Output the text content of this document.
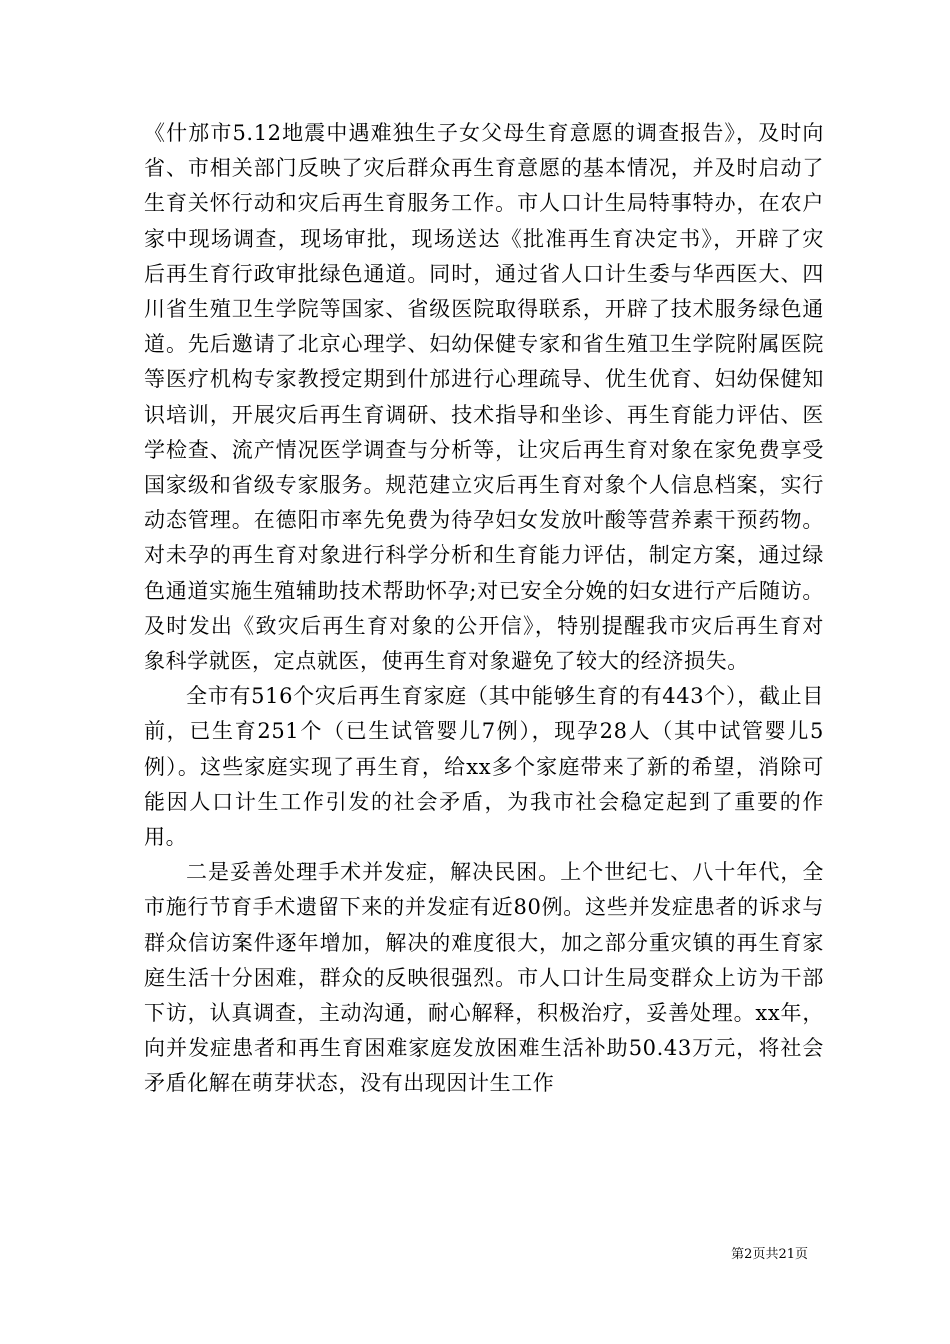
《什邡市5.12地震中遇难独生子女父母生育意愿的调查报告》，及时向省、市相关部门反映了灾后群众再生育意愿的基本情况，并及时启动了生育关怀行动和灾后再生育服务工作。市人口计生局特事特办，在农户家中现场调查，现场审批，现场送达《批准再生育决定书》，开辟了灾后再生育行政审批绿色通道。同时，通过省人口计生委与华西医大、四川省生殖卫生学院等国家、省级医院取得联系，开辟了技术服务绿色通道。先后邀请了北京心理学、妇幼保健专家和省生殖卫生学院附属医院等医疗机构专家教授定期到什邡进行心理疏导、优生优育、妇幼保健知识培训，开展灾后再生育调研、技术指导和坐诊、再生育能力评估、医学检查、流产情况医学调查与分析等，让灾后再生育对象在家免费享受国家级和省级专家服务。规范建立灾后再生育对象个人信息档案，实行动态管理。在德阳市率先免费为待孕妇女发放叶酸等营养素干预药物。对未孕的再生育对象进行科学分析和生育能力评估，制定方案，通过绿色通道实施生殖辅助技术帮助怀孕;对已安全分娩的妇女进行产后随访。及时发出《致灾后再生育对象的公开信》，特别提醒我市灾后再生育对象科学就医，定点就医，使再生育对象避免了较大的经济损失。

全市有516个灾后再生育家庭（其中能够生育的有443个），截止目前，已生育251个（已生试管婴儿7例），现孕28人（其中试管婴儿5例）。这些家庭实现了再生育，给xx多个家庭带来了新的希望，消除可能因人口计生工作引发的社会矛盾，为我市社会稳定起到了重要的作用。

二是妥善处理手术并发症，解决民困。上个世纪七、八十年代，全市施行节育手术遗留下来的并发症有近80例。这些并发症患者的诉求与群众信访案件逐年增加，解决的难度很大，加之部分重灾镇的再生育家庭生活十分困难，群众的反映很强烈。市人口计生局变群众上访为干部下访，认真调查，主动沟通，耐心解释，积极治疗，妥善处理。xx年，向并发症患者和再生育困难家庭发放困难生活补助50.43万元，将社会矛盾化解在萌芽状态，没有出现因计生工作

第2页共21页
